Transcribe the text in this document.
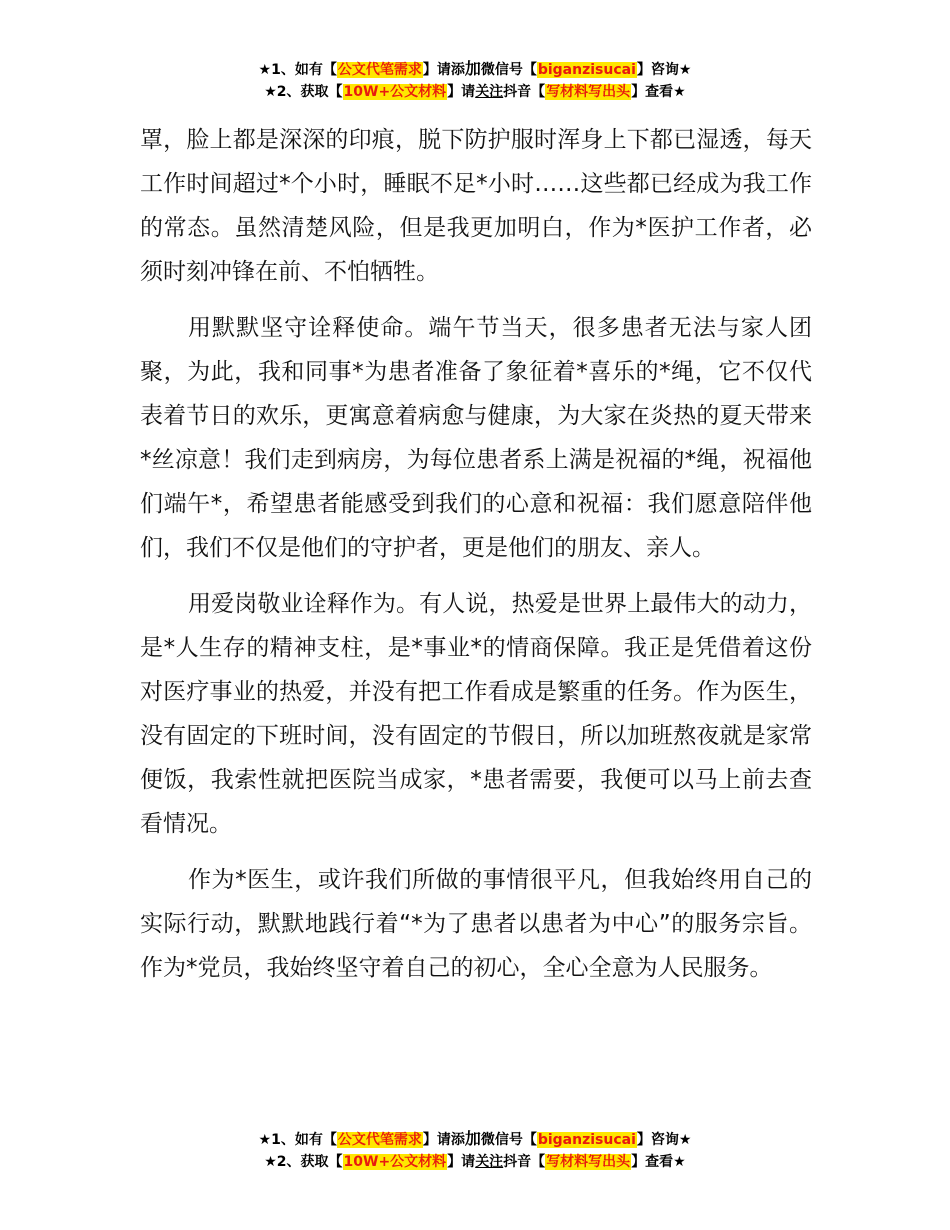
★1、如有【公文代笔需求】请添加微信号【biganzisucai】咨询★
★2、获取【10W+公文材料】请关注抖音【写材料写出头】查看★

罩，脸上都是深深的印痕，脱下防护服时浑身上下都已湿透，每天工作时间超过*个小时，睡眠不足*小时……这些都已经成为我工作的常态。虽然清楚风险，但是我更加明白，作为*医护工作者，必须时刻冲锋在前、不怕牺牲。

用默默坚守诠释使命。端午节当天，很多患者无法与家人团聚，为此，我和同事*为患者准备了象征着*喜乐的*绳，它不仅代表着节日的欢乐，更寓意着病愈与健康，为大家在炎热的夏天带来*丝凉意！我们走到病房，为每位患者系上满是祝福的*绳，祝福他们端午*，希望患者能感受到我们的心意和祝福：我们愿意陪伴他们，我们不仅是他们的守护者，更是他们的朋友、亲人。

用爱岗敬业诠释作为。有人说，热爱是世界上最伟大的动力，是*人生存的精神支柱，是*事业*的情商保障。我正是凭借着这份对医疗事业的热爱，并没有把工作看成是繁重的任务。作为医生，没有固定的下班时间，没有固定的节假日，所以加班熬夜就是家常便饭，我索性就把医院当成家，*患者需要，我便可以马上前去查看情况。

作为*医生，或许我们所做的事情很平凡，但我始终用自己的实际行动，默默地践行着“*为了患者以患者为中心”的服务宗旨。作为*党员，我始终坚守着自己的初心，全心全意为人民服务。

★1、如有【公文代笔需求】请添加微信号【biganzisucai】咨询★
★2、获取【10W+公文材料】请关注抖音【写材料写出头】查看★
